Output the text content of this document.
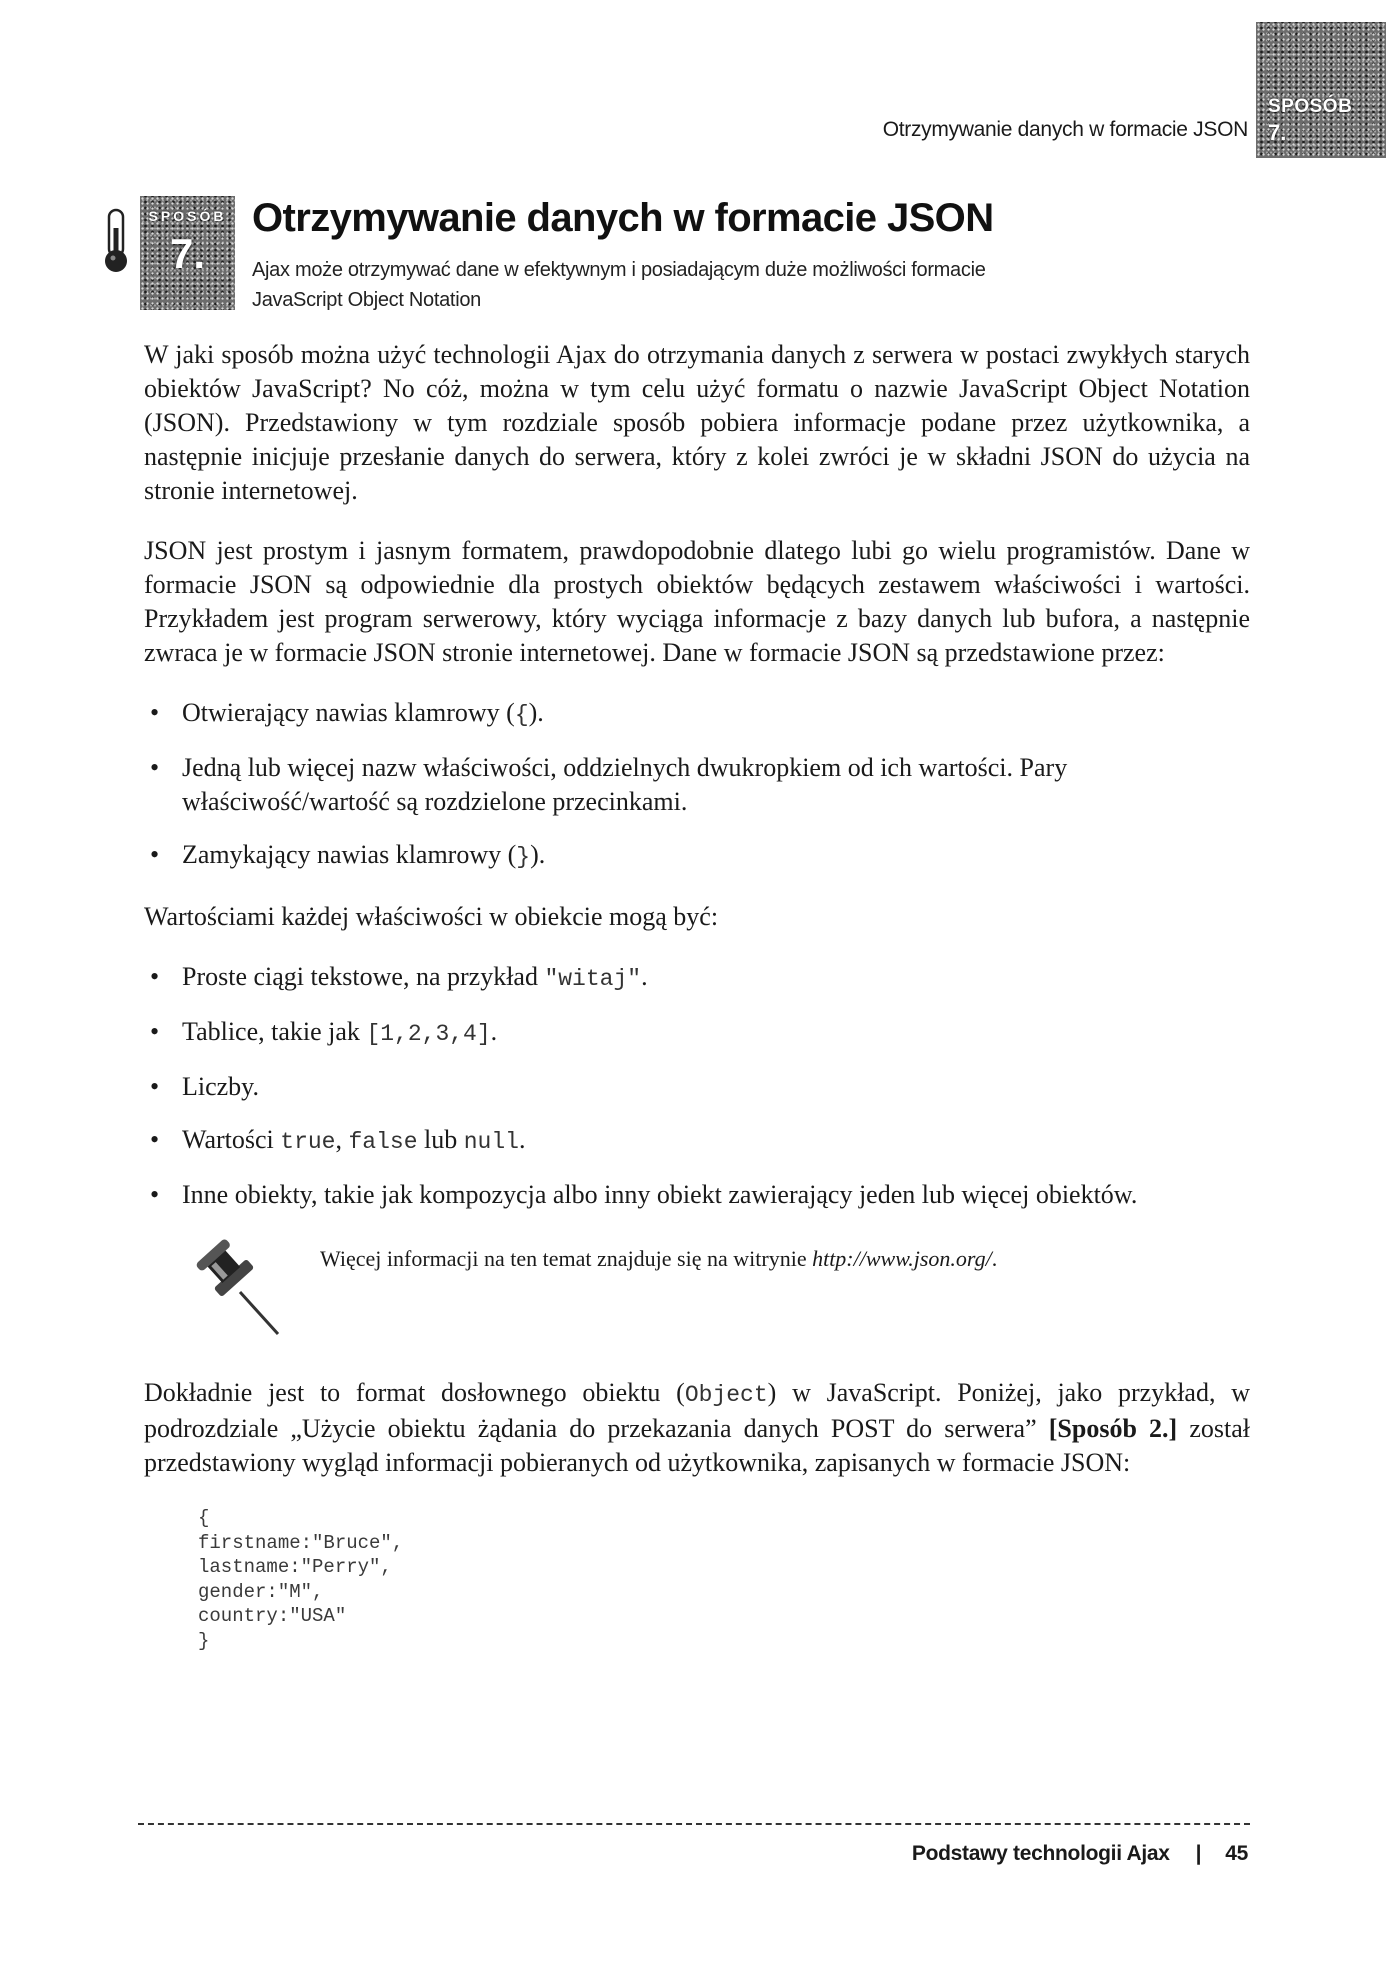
Otrzymywanie danych w formacie JSON
SPOSÓB
7.
SPOSÓB
7.
Otrzymywanie danych w formacie JSON
Ajax może otrzymywać dane w efektywnym i posiadającym duże możliwości formacie JavaScript Object Notation

W jaki sposób można użyć technologii Ajax do otrzymania danych z serwera w postaci zwykłych starych obiektów JavaScript? No cóż, można w tym celu użyć formatu o nazwie JavaScript Object Notation (JSON). Przedstawiony w tym rozdziale sposób pobiera informacje podane przez użytkownika, a następnie inicjuje przesłanie danych do serwera, który z kolei zwróci je w składni JSON do użycia na stronie internetowej.

JSON jest prostym i jasnym formatem, prawdopodobnie dlatego lubi go wielu programistów. Dane w formacie JSON są odpowiednie dla prostych obiektów będących zestawem właściwości i wartości. Przykładem jest program serwerowy, który wyciąga informacje z bazy danych lub bufora, a następnie zwraca je w formacie JSON stronie internetowej. Dane w formacie JSON są przedstawione przez:

• Otwierający nawias klamrowy ({).
• Jedną lub więcej nazw właściwości, oddzielnych dwukropkiem od ich wartości. Pary właściwość/wartość są rozdzielone przecinkami.
• Zamykający nawias klamrowy (}).

Wartościami każdej właściwości w obiekcie mogą być:

• Proste ciągi tekstowe, na przykład "witaj".
• Tablice, takie jak [1,2,3,4].
• Liczby.
• Wartości true, false lub null.
• Inne obiekty, takie jak kompozycja albo inny obiekt zawierający jeden lub więcej obiektów.
Więcej informacji na ten temat znajduje się na witrynie http://www.json.org/.

Dokładnie jest to format dosłownego obiektu (Object) w JavaScript. Poniżej, jako przykład, w podrozdziale „Użycie obiektu żądania do przekazania danych POST do serwera” [Sposób 2.] został przedstawiony wygląd informacji pobieranych od użytkownika, zapisanych w formacie JSON:

{
firstname:"Bruce",
lastname:"Perry",
gender:"M",
country:"USA"
}
Podstawy technologii Ajax | 45
